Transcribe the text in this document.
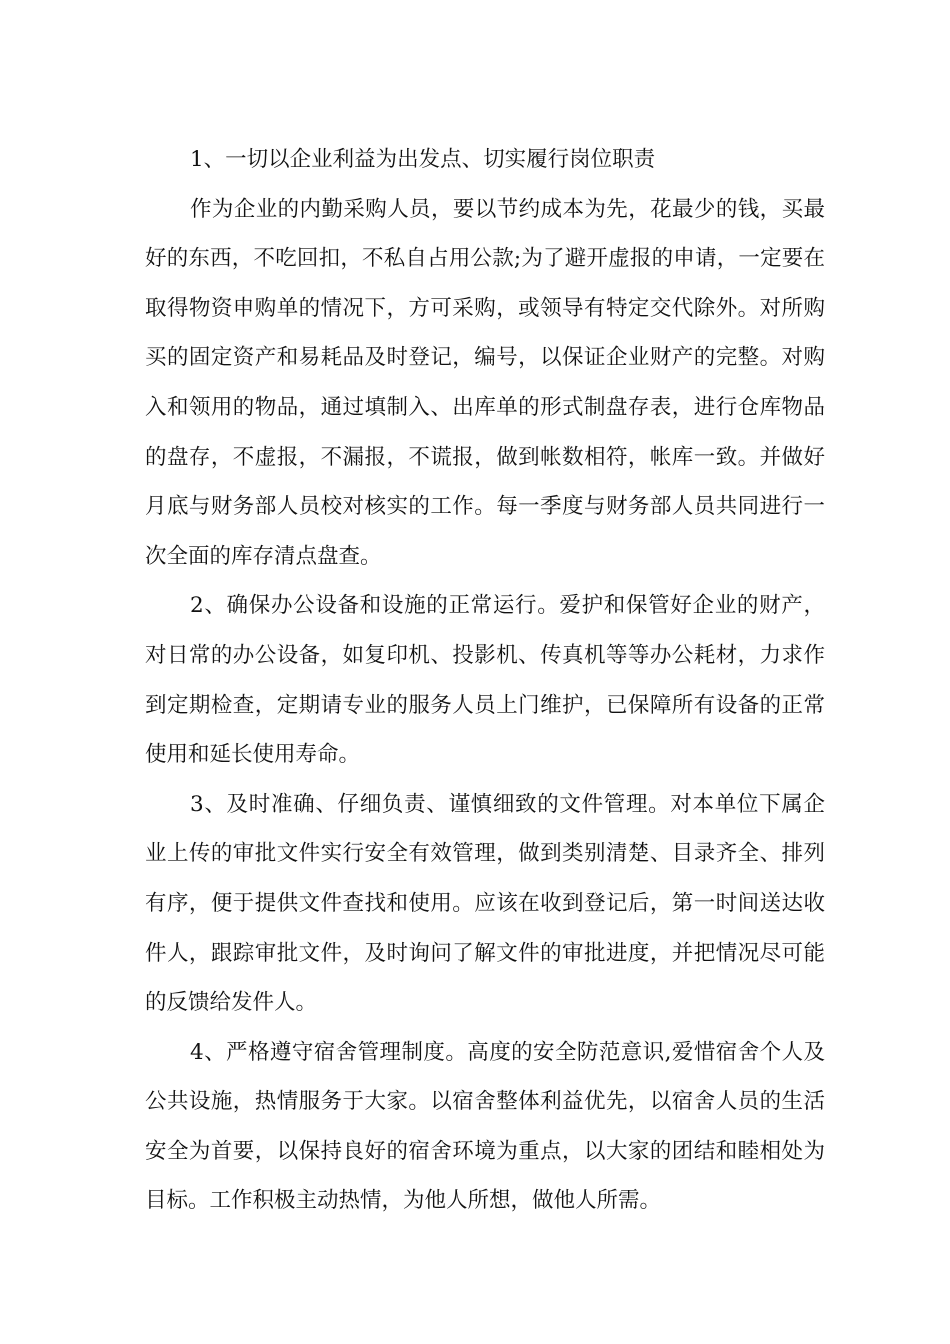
1、一切以企业利益为出发点、切实履行岗位职责

作为企业的内勤采购人员，要以节约成本为先，花最少的钱，买最好的东西，不吃回扣，不私自占用公款;为了避开虚报的申请，一定要在取得物资申购单的情况下，方可采购，或领导有特定交代除外。对所购买的固定资产和易耗品及时登记，编号，以保证企业财产的完整。对购入和领用的物品，通过填制入、出库单的形式制盘存表，进行仓库物品的盘存，不虚报，不漏报，不谎报，做到帐数相符，帐库一致。并做好月底与财务部人员校对核实的工作。每一季度与财务部人员共同进行一次全面的库存清点盘查。

2、确保办公设备和设施的正常运行。爱护和保管好企业的财产，对日常的办公设备，如复印机、投影机、传真机等等办公耗材，力求作到定期检查，定期请专业的服务人员上门维护，已保障所有设备的正常使用和延长使用寿命。

3、及时准确、仔细负责、谨慎细致的文件管理。对本单位下属企业上传的审批文件实行安全有效管理，做到类别清楚、目录齐全、排列有序，便于提供文件查找和使用。应该在收到登记后，第一时间送达收件人，跟踪审批文件，及时询问了解文件的审批进度，并把情况尽可能的反馈给发件人。

4、严格遵守宿舍管理制度。高度的安全防范意识,爱惜宿舍个人及公共设施，热情服务于大家。以宿舍整体利益优先，以宿舍人员的生活安全为首要，以保持良好的宿舍环境为重点，以大家的团结和睦相处为目标。工作积极主动热情，为他人所想，做他人所需。
